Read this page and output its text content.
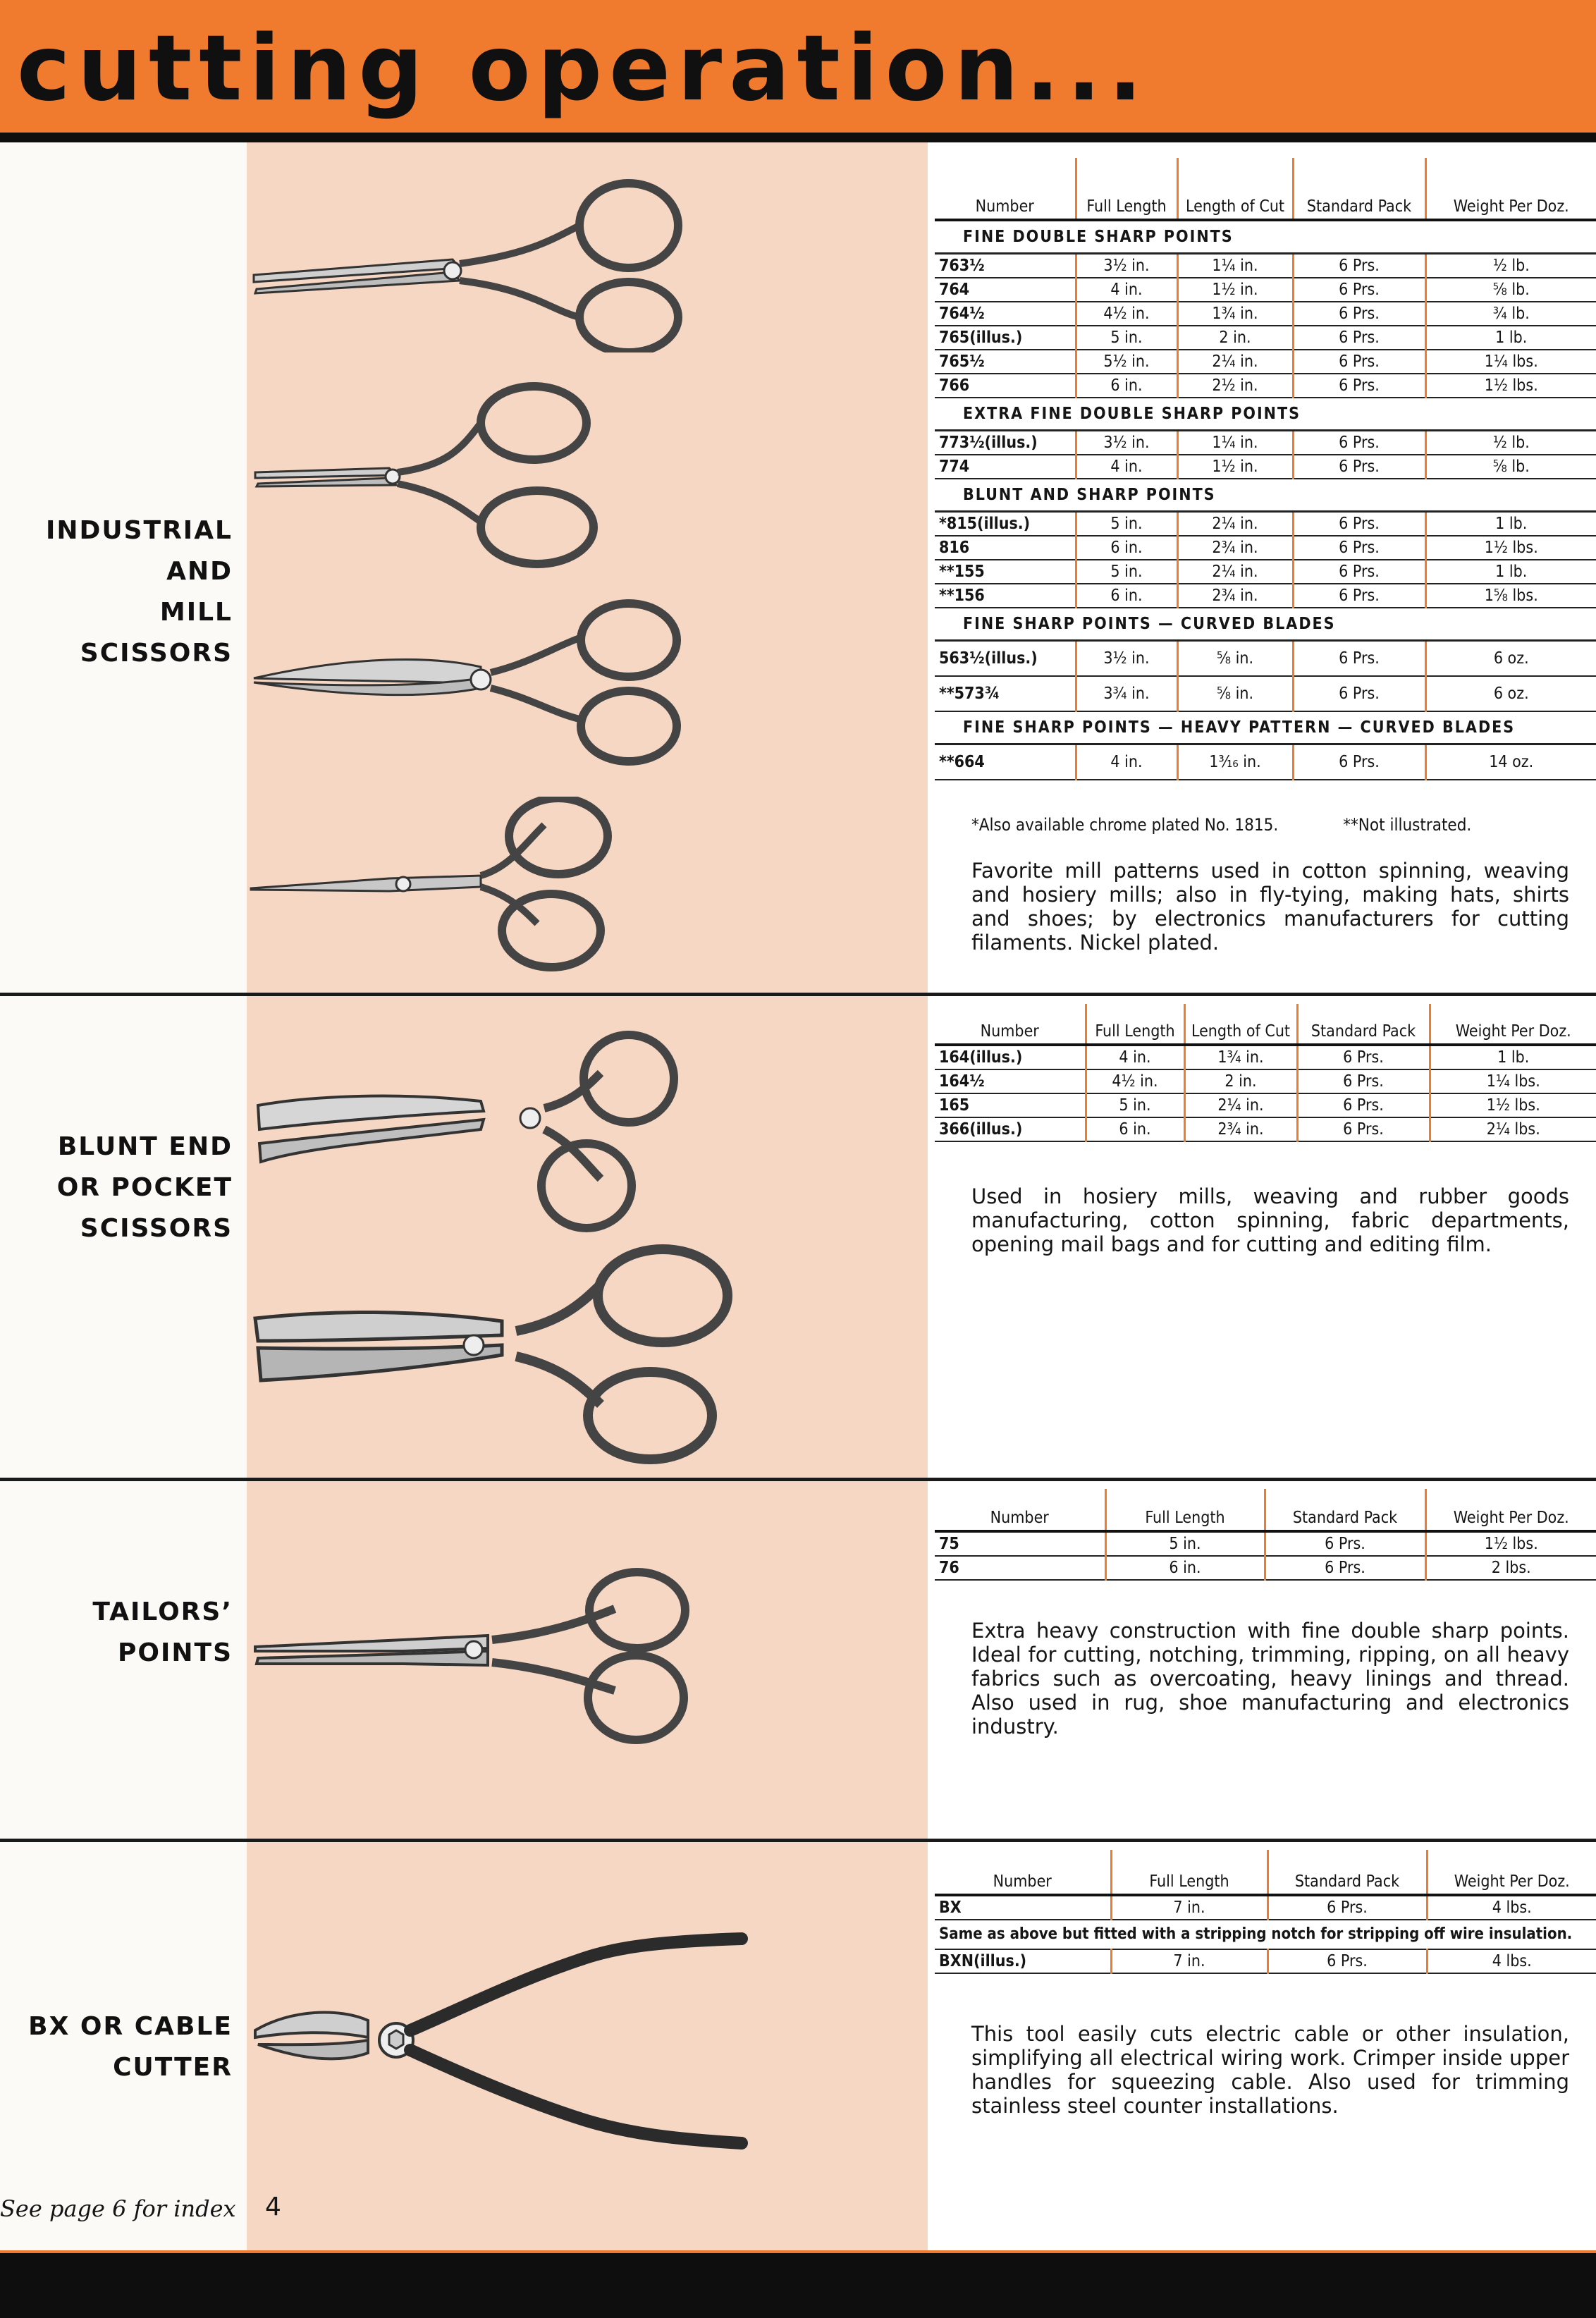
cutting operation...
INDUSTRIAL
AND
MILL
SCISSORS
Number	Full Length	Length of Cut	Standard Pack	Weight Per Doz.
FINE DOUBLE SHARP POINTS				
763½	3½ in.	1¼ in.	6 Prs.	½ lb.
764	4 in.	1½ in.	6 Prs.	⅝ lb.
764½	4½ in.	1¾ in.	6 Prs.	¾ lb.
765(illus.)	5 in.	2 in.	6 Prs.	1 lb.
765½	5½ in.	2¼ in.	6 Prs.	1¼ lbs.
766	6 in.	2½ in.	6 Prs.	1½ lbs.
EXTRA FINE DOUBLE SHARP POINTS				
773½(illus.)	3½ in.	1¼ in.	6 Prs.	½ lb.
774	4 in.	1½ in.	6 Prs.	⅝ lb.
BLUNT AND SHARP POINTS				
*815(illus.)	5 in.	2¼ in.	6 Prs.	1 lb.
816	6 in.	2¾ in.	6 Prs.	1½ lbs.
**155	5 in.	2¼ in.	6 Prs.	1 lb.
**156	6 in.	2¾ in.	6 Prs.	1⅝ lbs.
FINE SHARP POINTS — CURVED BLADES				
563½(illus.)	3½ in.	⅝ in.	6 Prs.	6 oz.
**573¾	3¾ in.	⅝ in.	6 Prs.	6 oz.
FINE SHARP POINTS — HEAVY PATTERN — CURVED BLADES				
**664	4 in.	1³⁄₁₆ in.	6 Prs.	14 oz.
*Also available chrome plated No. 1815.	**Not illustrated.
Favorite mill patterns used in cotton spinning, weaving and hosiery mills; also in fly-tying, making hats, shirts and shoes; by electronics manufacturers for cutting filaments. Nickel plated.
BLUNT END
OR POCKET
SCISSORS
Number	Full Length	Length of Cut	Standard Pack	Weight Per Doz.
164(illus.)	4 in.	1¾ in.	6 Prs.	1 lb.
164½	4½ in.	2 in.	6 Prs.	1¼ lbs.
165	5 in.	2¼ in.	6 Prs.	1½ lbs.
366(illus.)	6 in.	2¾ in.	6 Prs.	2¼ lbs.
Used in hosiery mills, weaving and rubber goods manufacturing, cotton spinning, fabric departments, opening mail bags and for cutting and editing film.
TAILORS’
POINTS
Number	Full Length	Standard Pack	Weight Per Doz.
75	5 in.	6 Prs.	1½ lbs.
76	6 in.	6 Prs.	2 lbs.
Extra heavy construction with fine double sharp points. Ideal for cutting, notching, trimming, ripping, on all heavy fabrics such as overcoating, heavy linings and thread. Also used in rug, shoe manufacturing and electronics industry.
BX OR CABLE
CUTTER
Number	Full Length	Standard Pack	Weight Per Doz.
BX	7 in.	6 Prs.	4 lbs.
Same as above but fitted with a stripping notch for stripping off wire insulation.			
BXN(illus.)	7 in.	6 Prs.	4 lbs.
This tool easily cuts electric cable or other insulation, simplifying all electrical wiring work. Crimper inside upper handles for squeezing cable. Also used for trimming stainless steel counter installations.
See page 6 for index 4
